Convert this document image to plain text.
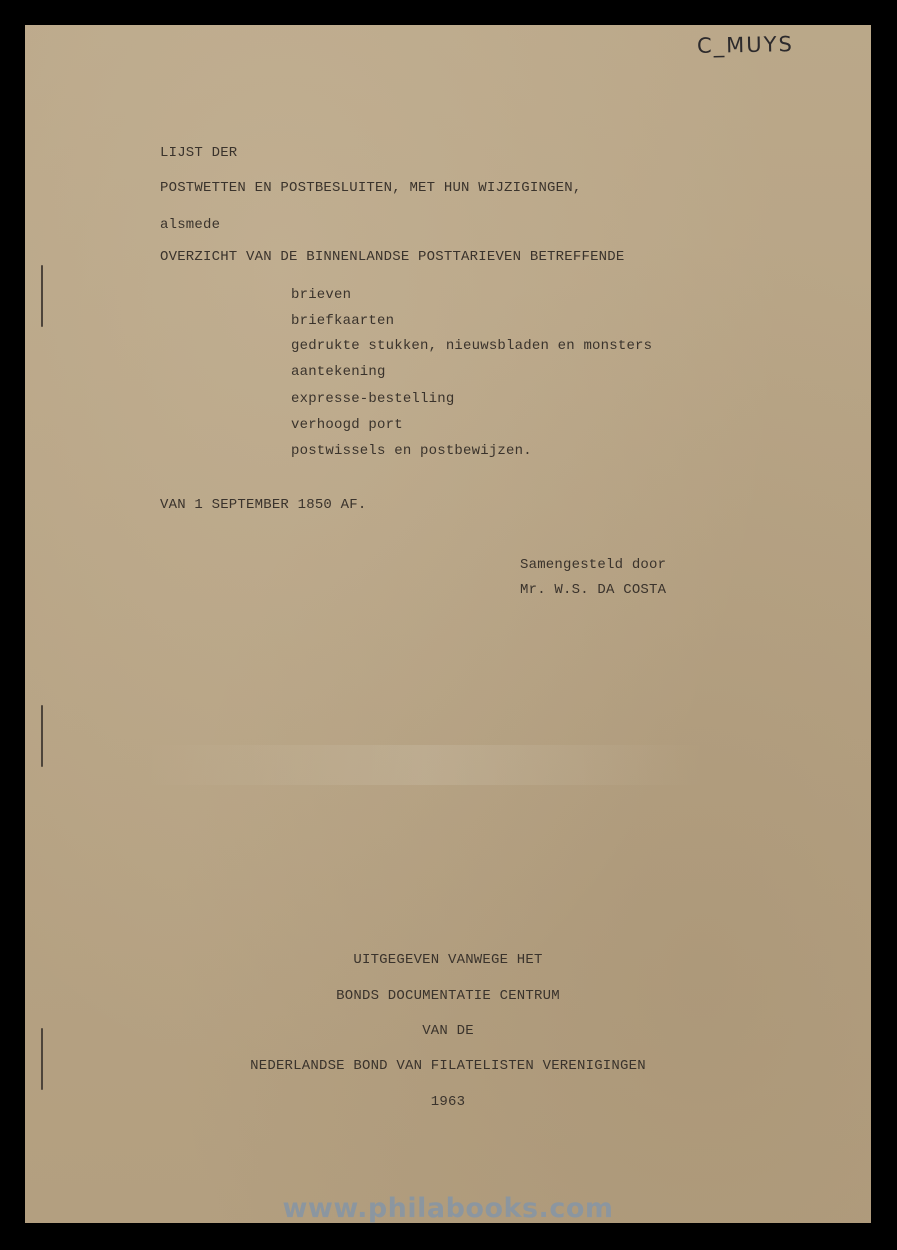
C_MUYS
LIJST DER
POSTWETTEN EN POSTBESLUITEN, MET HUN WIJZIGINGEN,
alsmede
OVERZICHT VAN DE BINNENLANDSE POSTTARIEVEN BETREFFENDE
brieven
briefkaarten
gedrukte stukken, nieuwsbladen en monsters
aantekening
expresse-bestelling
verhoogd port
postwissels en postbewijzen.
VAN 1 SEPTEMBER 1850 AF.
Samengesteld door
Mr. W.S. DA COSTA
UITGEGEVEN VANWEGE HET
BONDS DOCUMENTATIE CENTRUM
VAN DE
NEDERLANDSE BOND VAN FILATELISTEN VERENIGINGEN
1963
www.philabooks.com
